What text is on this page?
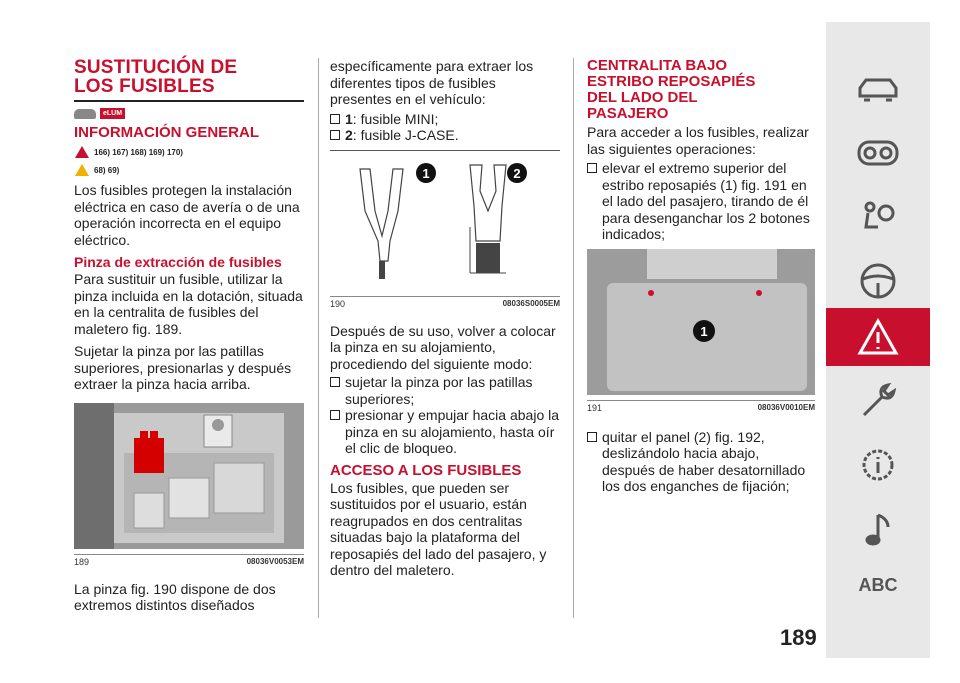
SUSTITUCIÓN DE LOS FUSIBLES
eLUM
INFORMACIÓN GENERAL
166) 167) 168) 169) 170)
68) 69)

Los fusibles protegen la instalación eléctrica en caso de avería o de una operación incorrecta en el equipo eléctrico.

Pinza de extracción de fusibles

Para sustituir un fusible, utilizar la pinza incluida en la dotación, situada en la centralita de fusibles del maletero fig. 189.

Sujetar la pinza por las patillas superiores, presionarlas y después extraer la pinza hacia arriba.

189	08036V0053EM

La pinza fig. 190 dispone de dos extremos distintos diseñados

específicamente para extraer los diferentes tipos de fusibles presentes en el vehículo:

1: fusible MINI;
2: fusible J-CASE.
1	2
190	08036S0005EM

Después de su uso, volver a colocar la pinza en su alojamiento, procediendo del siguiente modo:

sujetar la pinza por las patillas superiores;
presionar y empujar hacia abajo la pinza en su alojamiento, hasta oír el clic de bloqueo.
ACCESO A LOS FUSIBLES

Los fusibles, que pueden ser sustituidos por el usuario, están reagrupados en dos centralitas situadas bajo la plataforma del reposapiés del lado del pasajero, y dentro del maletero.

CENTRALITA BAJO ESTRIBO REPOSAPIÉS DEL LADO DEL PASAJERO

Para acceder a los fusibles, realizar las siguientes operaciones:

elevar el extremo superior del estribo reposapiés (1) fig. 191 en el lado del pasajero, tirando de él para desenganchar los 2 botones indicados;
1
191	08036V0010EM
quitar el panel (2) fig. 192, deslizándolo hacia abajo, después de haber desatornillado los dos enganches de fijación;
189
ABC
